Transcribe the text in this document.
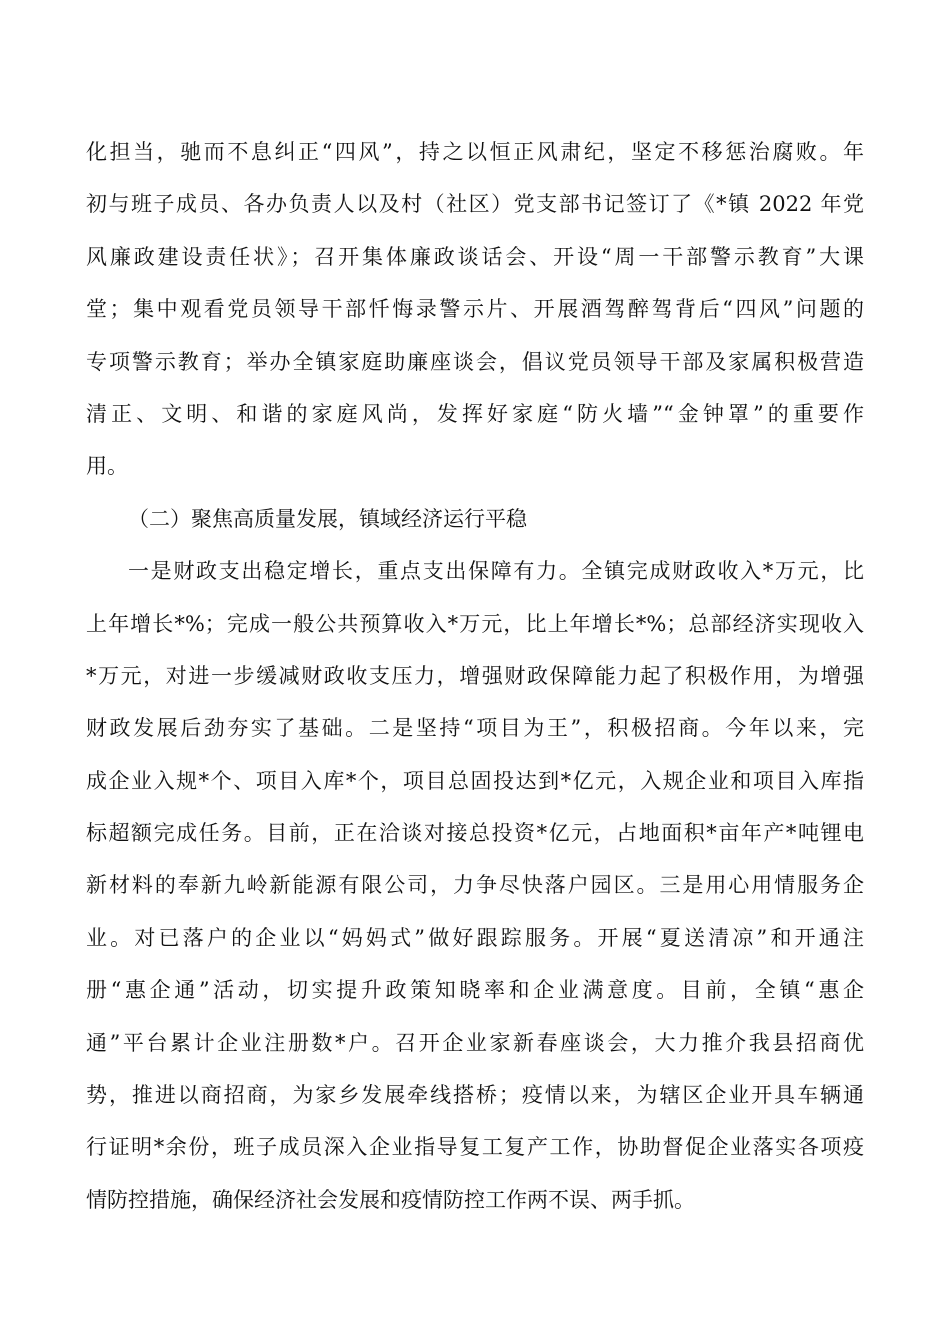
化担当，驰而不息纠正“四风”，持之以恒正风肃纪，坚定不移惩治腐败。年
初与班子成员、各办负责人以及村（社区）党支部书记签订了《*镇 2022 年党
风廉政建设责任状》；召开集体廉政谈话会、开设“周一干部警示教育”大课
堂；集中观看党员领导干部忏悔录警示片、开展酒驾醉驾背后“四风”问题的
专项警示教育；举办全镇家庭助廉座谈会，倡议党员领导干部及家属积极营造
清正、文明、和谐的家庭风尚，发挥好家庭“防火墙”“金钟罩”的重要作
用。
（二）聚焦高质量发展，镇域经济运行平稳
一是财政支出稳定增长，重点支出保障有力。全镇完成财政收入*万元，比
上年增长*%；完成一般公共预算收入*万元，比上年增长*%；总部经济实现收入
*万元，对进一步缓减财政收支压力，增强财政保障能力起了积极作用，为增强
财政发展后劲夯实了基础。二是坚持“项目为王”，积极招商。今年以来，完
成企业入规*个、项目入库*个，项目总固投达到*亿元，入规企业和项目入库指
标超额完成任务。目前，正在洽谈对接总投资*亿元，占地面积*亩年产*吨锂电
新材料的奉新九岭新能源有限公司，力争尽快落户园区。三是用心用情服务企
业。对已落户的企业以“妈妈式”做好跟踪服务。开展“夏送清凉”和开通注
册“惠企通”活动，切实提升政策知晓率和企业满意度。目前，全镇“惠企
通”平台累计企业注册数*户。召开企业家新春座谈会，大力推介我县招商优
势，推进以商招商，为家乡发展牵线搭桥；疫情以来，为辖区企业开具车辆通
行证明*余份，班子成员深入企业指导复工复产工作，协助督促企业落实各项疫
情防控措施，确保经济社会发展和疫情防控工作两不误、两手抓。
